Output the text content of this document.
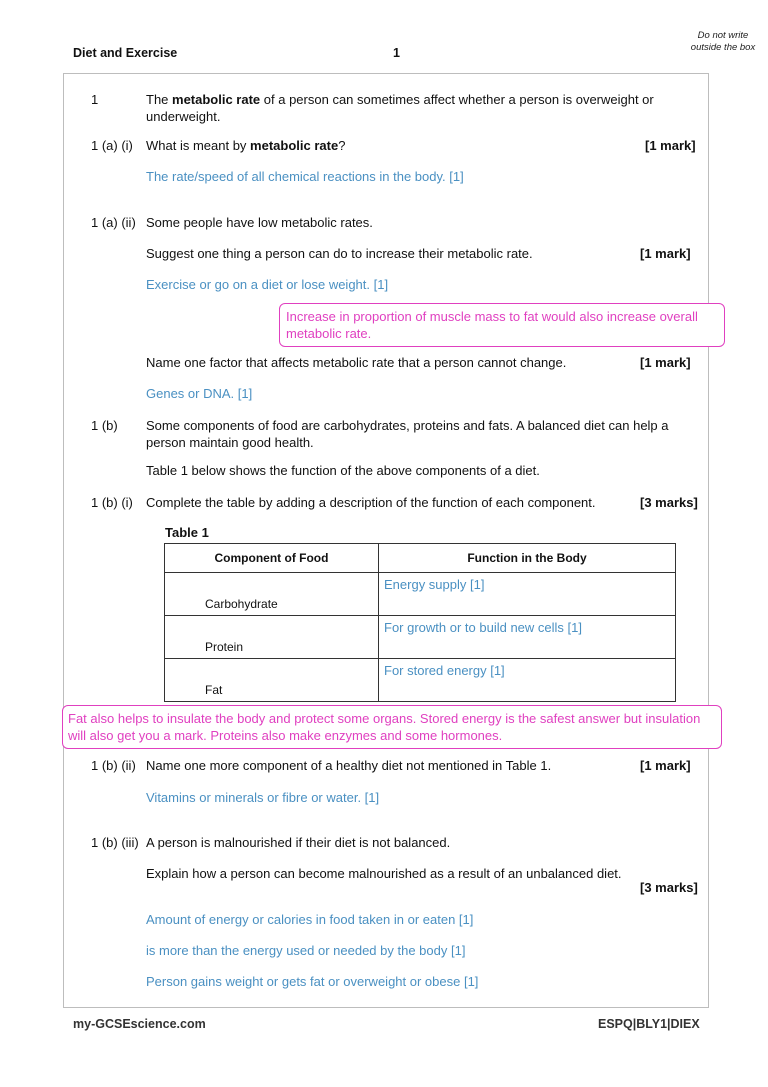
Diet and Exercise	1
Do not write outside the box
1	The metabolic rate of a person can sometimes affect whether a person is overweight or underweight.
1 (a) (i) What is meant by metabolic rate?	[1 mark]
The rate/speed of all chemical reactions in the body. [1]
1 (a) (ii) Some people have low metabolic rates.
Suggest one thing a person can do to increase their metabolic rate.	[1 mark]
Exercise or go on a diet or lose weight. [1]
Increase in proportion of muscle mass to fat would also increase overall metabolic rate.
Name one factor that affects metabolic rate that a person cannot change.	[1 mark]
Genes or DNA. [1]
1 (b) Some components of food are carbohydrates, proteins and fats. A balanced diet can help a person maintain good health.
Table 1 below shows the function of the above components of a diet.
1 (b) (i) Complete the table by adding a description of the function of each component.	[3 marks]
Table 1
Component of Food	Function in the Body

Carbohydrate	Energy supply [1]

Protein	For growth or to build new cells [1]

Fat	For stored energy [1]
Fat also helps to insulate the body and protect some organs. Stored energy is the safest answer but insulation will also get you a mark. Proteins also make enzymes and some hormones.
1 (b) (ii) Name one more component of a healthy diet not mentioned in Table 1.	[1 mark]
Vitamins or minerals or fibre or water. [1]
1 (b) (iii) A person is malnourished if their diet is not balanced.
Explain how a person can become malnourished as a result of an unbalanced diet.
[3 marks]
Amount of energy or calories in food taken in or eaten [1]
is more than the energy used or needed by the body [1]
Person gains weight or gets fat or overweight or obese [1]
my-GCSEscience.com	ESPQ|BLY1|DIEX
